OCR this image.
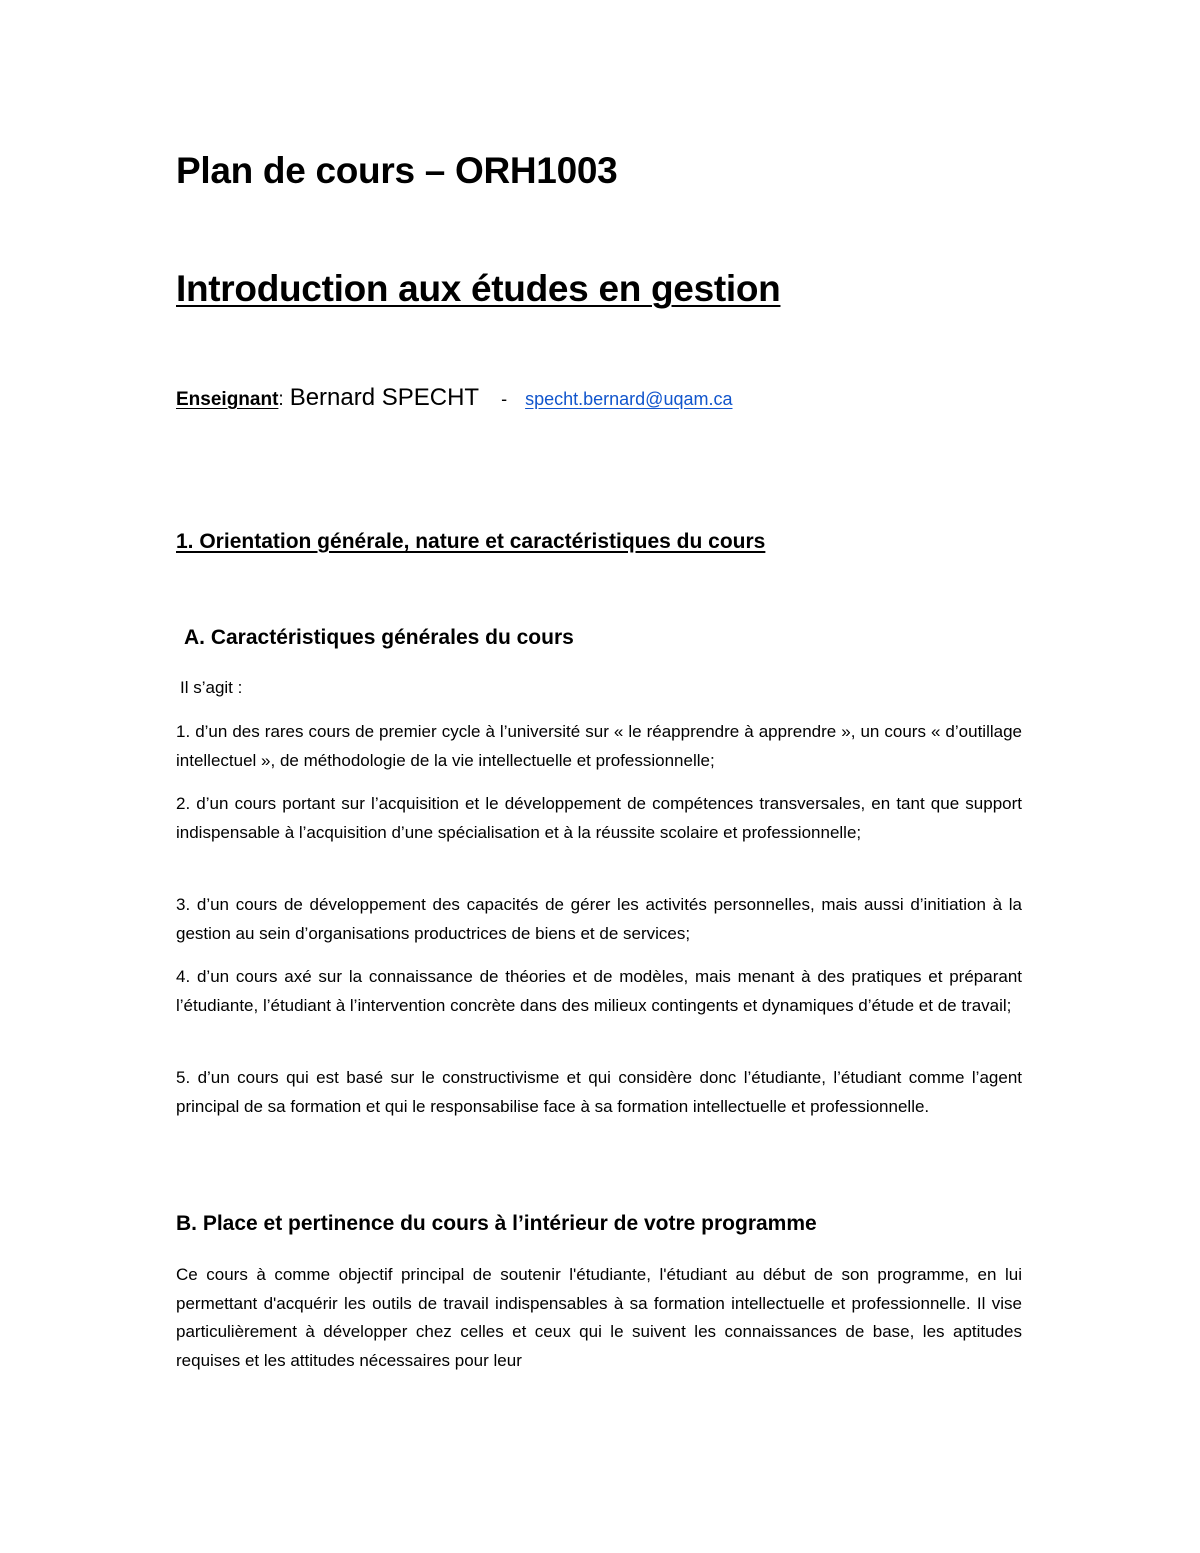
Plan de cours – ORH1003
Introduction aux études en gestion
Enseignant : Bernard SPECHT - specht.bernard@uqam.ca
1. Orientation générale, nature et caractéristiques du cours
A. Caractéristiques générales du cours

Il s’agit :

1. d’un des rares cours de premier cycle à l’université sur « le réapprendre à apprendre », un cours « d’outillage intellectuel », de méthodologie de la vie intellectuelle et professionnelle;

2. d’un cours portant sur l’acquisition et le développement de compétences transversales, en tant que support indispensable à l’acquisition d’une spécialisation et à la réussite scolaire et professionnelle;

3. d’un cours de développement des capacités de gérer les activités personnelles, mais aussi d’initiation à la gestion au sein d’organisations productrices de biens et de services;

4. d’un cours axé sur la connaissance de théories et de modèles, mais menant à des pratiques et préparant l’étudiante, l’étudiant à l’intervention concrète dans des milieux contingents et dynamiques d’étude et de travail;

5. d’un cours qui est basé sur le constructivisme et qui considère donc l’étudiante, l’étudiant comme l’agent principal de sa formation et qui le responsabilise face à sa formation intellectuelle et professionnelle.

B. Place et pertinence du cours à l’intérieur de votre programme

Ce cours à comme objectif principal de soutenir l'étudiante, l'étudiant au début de son programme, en lui permettant d'acquérir les outils de travail indispensables à sa formation intellectuelle et professionnelle. Il vise particulièrement à développer chez celles et ceux qui le suivent les connaissances de base, les aptitudes requises et les attitudes nécessaires pour leur
